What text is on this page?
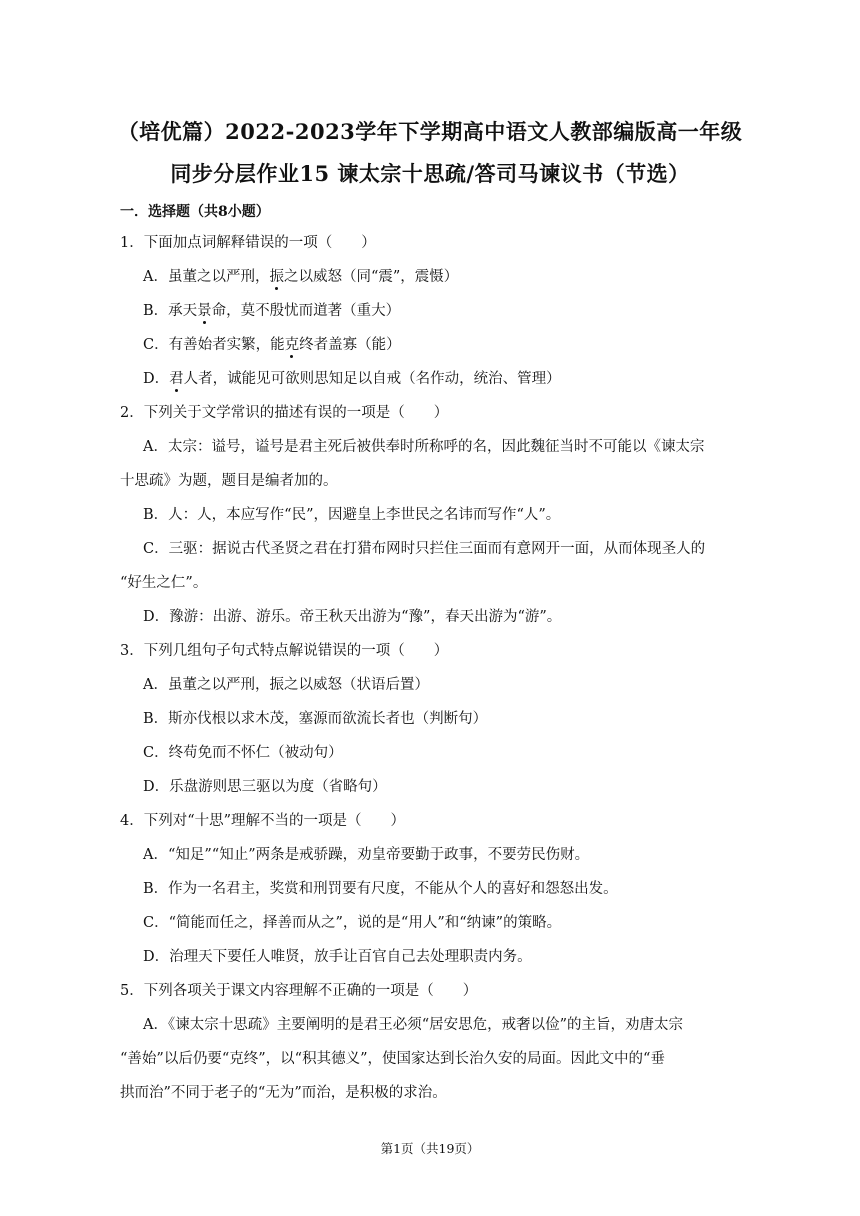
（培优篇）2022-2023学年下学期高中语文人教部编版高一年级
同步分层作业15 谏太宗十思疏/答司马谏议书（节选）
一．选择题（共8小题）
1．下面加点词解释错误的一项（　　）
A．虽董之以严刑，振之以威怒（同“震”，震慑）
B．承天景命，莫不殷忧而道著（重大）
C．有善始者实繁，能克终者盖寡（能）
D．君人者，诚能见可欲则思知足以自戒（名作动，统治、管理）
2．下列关于文学常识的描述有误的一项是（　　）
A．太宗：谥号，谥号是君主死后被供奉时所称呼的名，因此魏征当时不可能以《谏太宗
十思疏》为题，题目是编者加的。
B．人：人，本应写作“民”，因避皇上李世民之名讳而写作“人”。
C．三驱：据说古代圣贤之君在打猎布网时只拦住三面而有意网开一面，从而体现圣人的
“好生之仁”。
D．豫游：出游、游乐。帝王秋天出游为“豫”，春天出游为“游”。
3．下列几组句子句式特点解说错误的一项（　　）
A．虽董之以严刑，振之以威怒（状语后置）
B．斯亦伐根以求木茂，塞源而欲流长者也（判断句）
C．终苟免而不怀仁（被动句）
D．乐盘游则思三驱以为度（省略句）
4．下列对“十思”理解不当的一项是（　　）
A．“知足”“知止”两条是戒骄躁，劝皇帝要勤于政事，不要劳民伤财。
B．作为一名君主，奖赏和刑罚要有尺度，不能从个人的喜好和怨怒出发。
C．“简能而任之，择善而从之”，说的是“用人”和“纳谏”的策略。
D．治理天下要任人唯贤，放手让百官自己去处理职责内务。
5．下列各项关于课文内容理解不正确的一项是（　　）
A．《谏太宗十思疏》主要阐明的是君王必须“居安思危，戒奢以俭”的主旨，劝唐太宗
“善始”以后仍要“克终”，以“积其德义”，使国家达到长治久安的局面。因此文中的“垂
拱而治”不同于老子的“无为”而治，是积极的求治。
第1页（共19页）
